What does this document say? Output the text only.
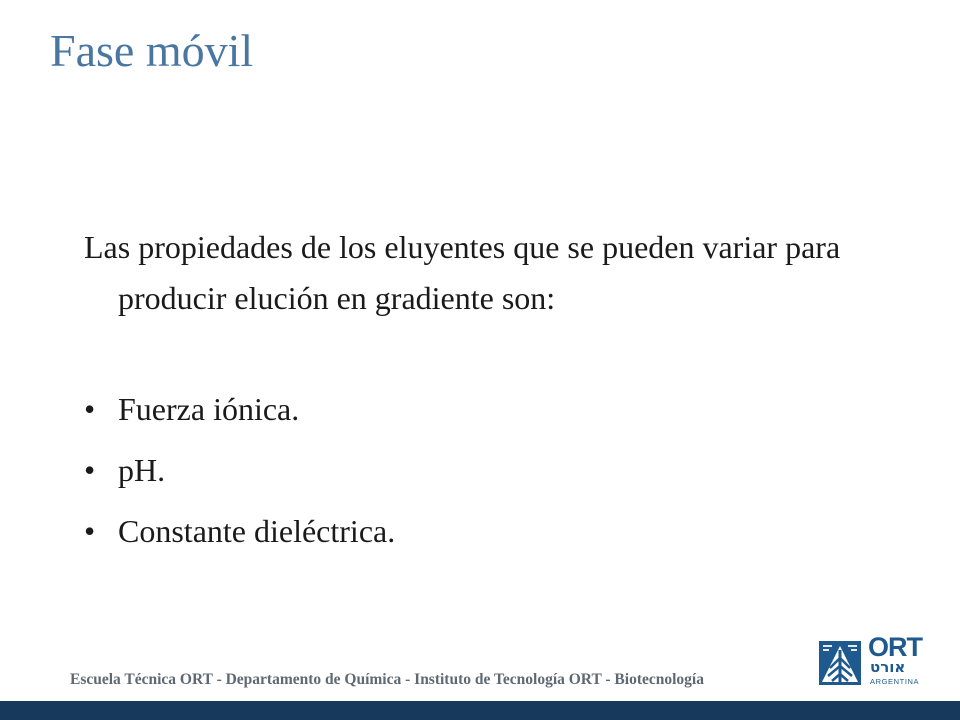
Fase móvil

Las propiedades de los eluyentes que se pueden variar para producir elución en gradiente son:

• Fuerza iónica.
• pH.
• Constante dieléctrica.

Escuela Técnica ORT - Departamento de Química - Instituto de Tecnología ORT - Biotecnología

ORT
אורט
ARGENTINA
